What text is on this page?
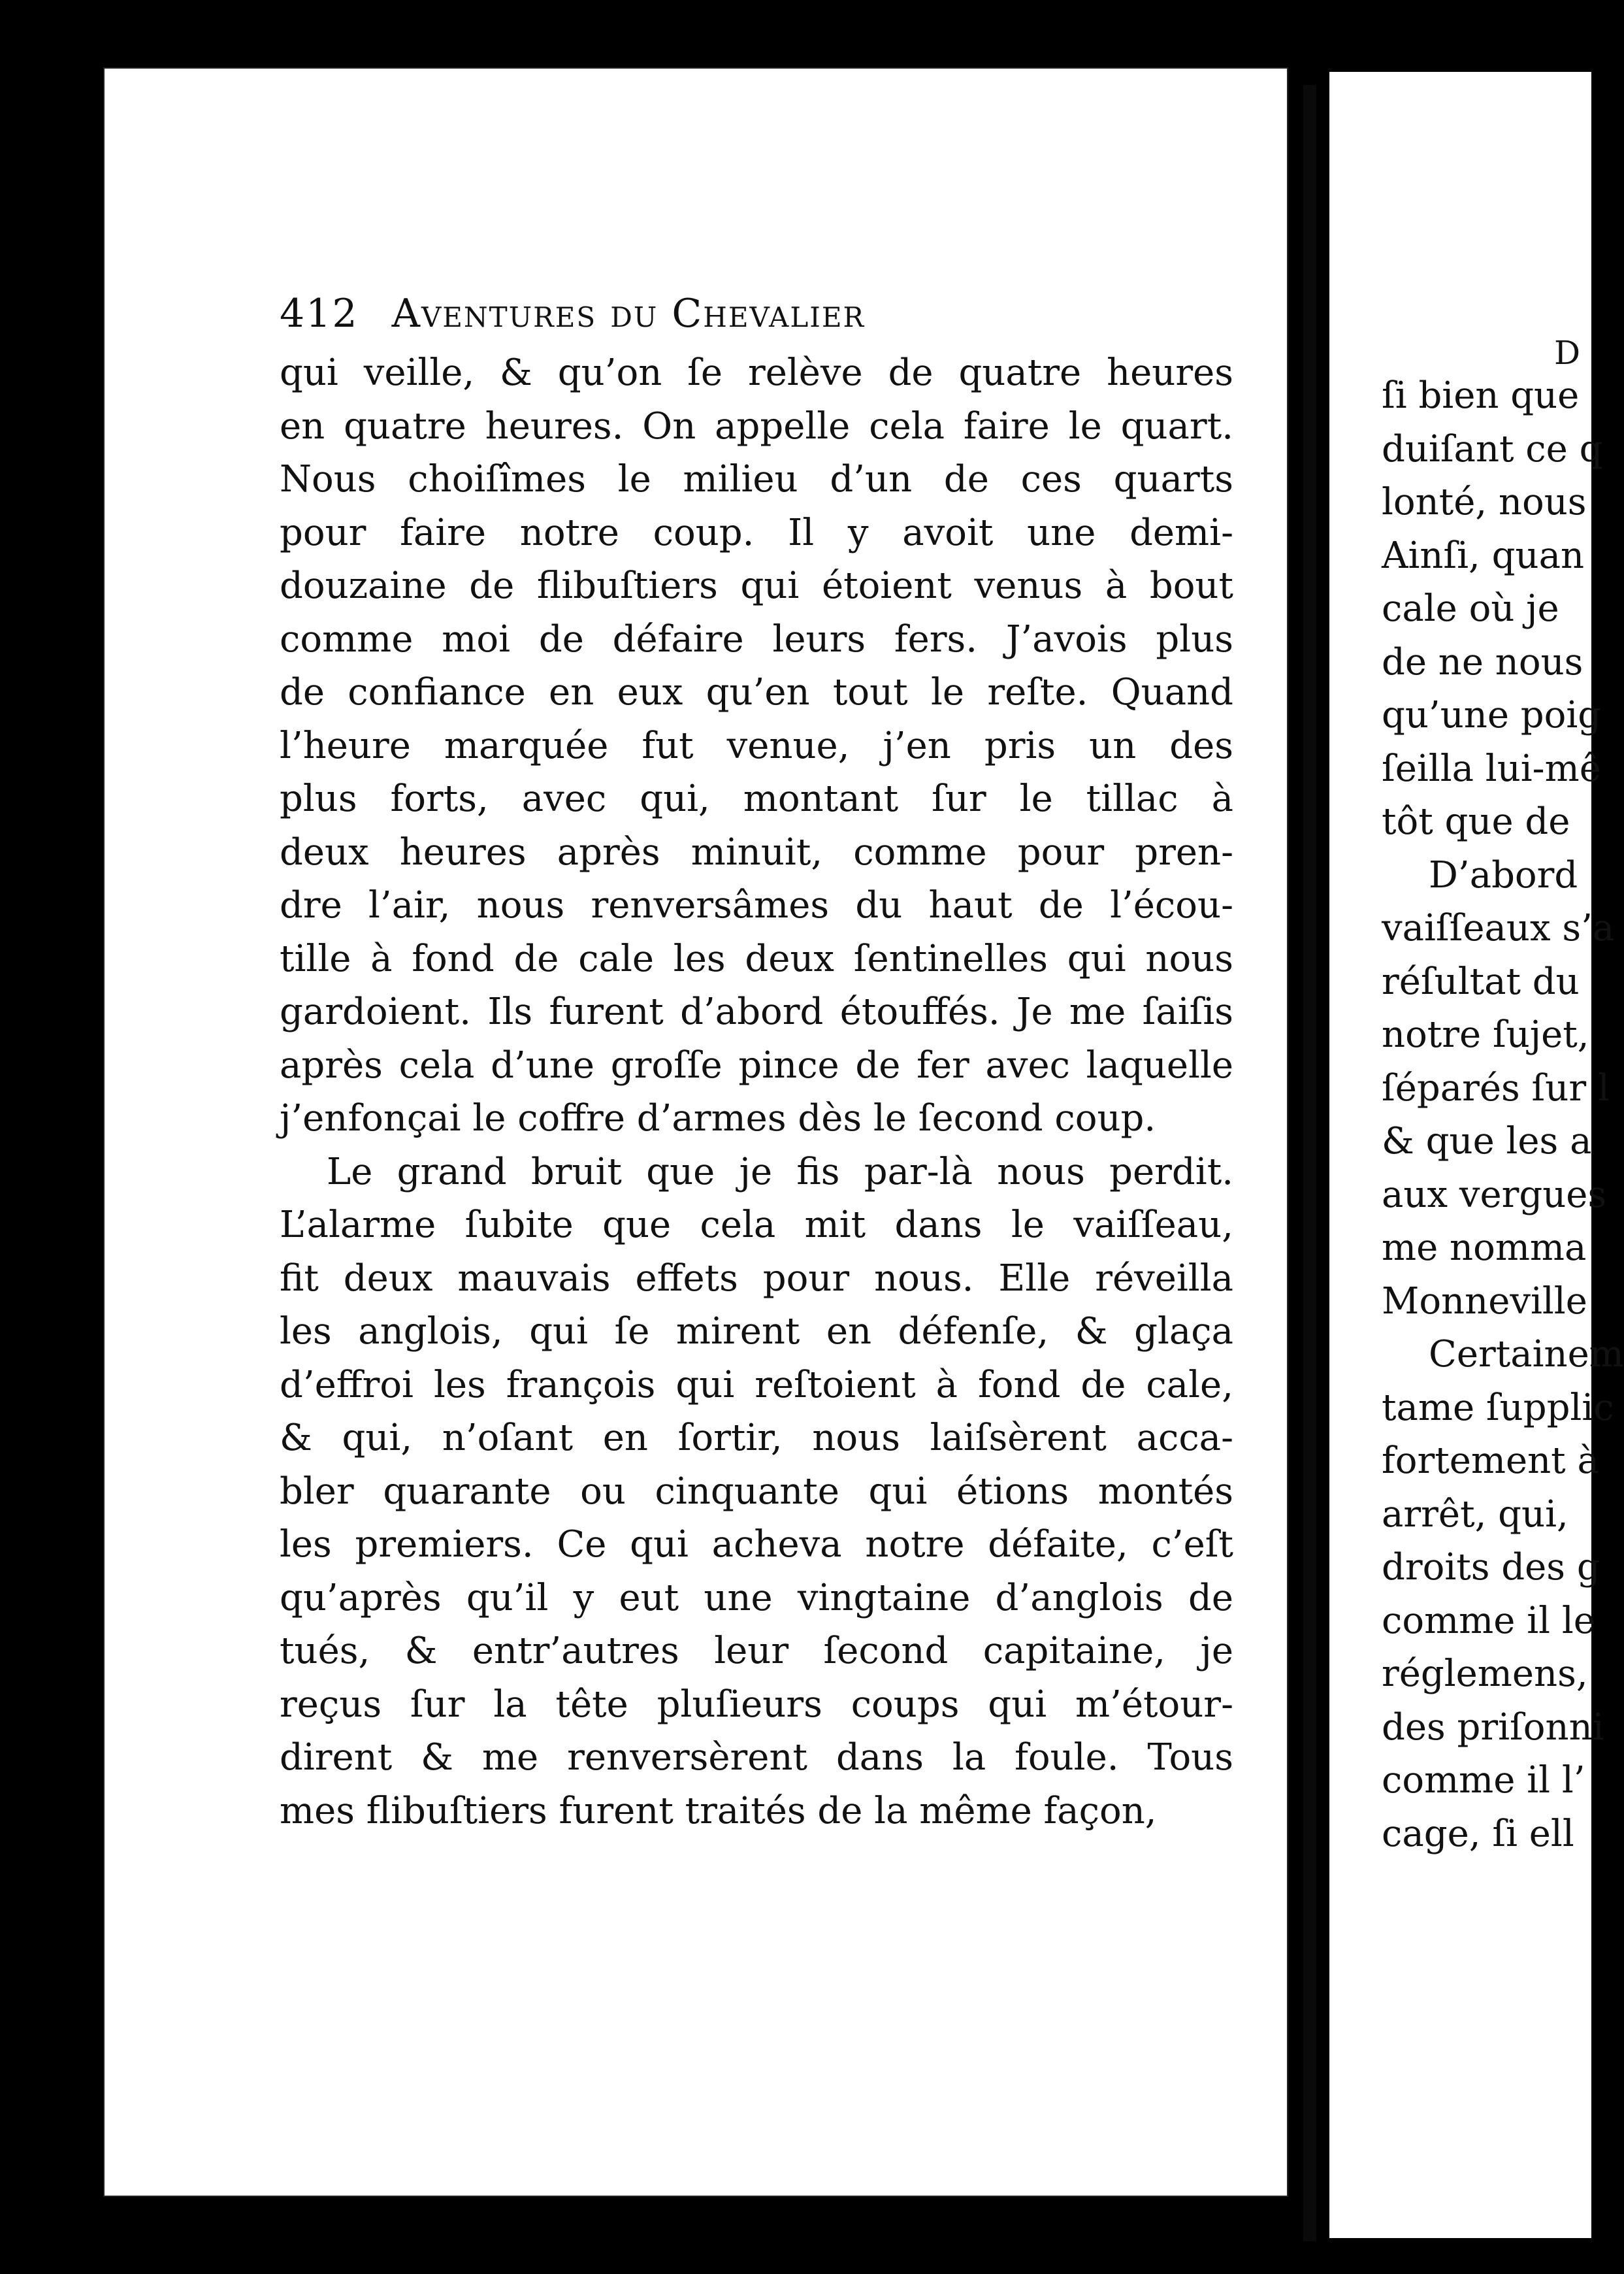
D
ſi bien que
duiſant ce q
lonté, nous
Ainſi, quan
cale où je
de ne nous
qu’une poig
ſeilla lui-mê
tôt que de
D’abord
vaiſſeaux s’a
réſultat du
notre ſujet,
ſéparés ſur l
& que les a
aux vergues
me nomma
Monneville
Certainem
tame ſupplic
fortement à
arrêt, qui,
droits des g
comme il le
réglemens,
des priſonni
comme il l’
cage, ſi ell
412 Aventures du Chevalier
qui veille, & qu’on ſe relève de quatre heures
en quatre heures. On appelle cela faire le quart.
Nous choiſîmes le milieu d’un de ces quarts
pour faire notre coup. Il y avoit une demi-
douzaine de flibuſtiers qui étoient venus à bout
comme moi de défaire leurs fers. J’avois plus
de confiance en eux qu’en tout le reſte. Quand
l’heure marquée fut venue, j’en pris un des
plus forts, avec qui, montant ſur le tillac à
deux heures après minuit, comme pour pren-
dre l’air, nous renversâmes du haut de l’écou-
tille à fond de cale les deux ſentinelles qui nous
gardoient. Ils furent d’abord étouffés. Je me ſaiſis
après cela d’une groſſe pince de fer avec laquelle
j’enfonçai le coffre d’armes dès le ſecond coup.
Le grand bruit que je fis par-là nous perdit.
L’alarme ſubite que cela mit dans le vaiſſeau,
fit deux mauvais effets pour nous. Elle réveilla
les anglois, qui ſe mirent en défenſe, & glaça
d’effroi les françois qui reſtoient à fond de cale,
& qui, n’oſant en ſortir, nous laiſsèrent acca-
bler quarante ou cinquante qui étions montés
les premiers. Ce qui acheva notre défaite, c’eſt
qu’après qu’il y eut une vingtaine d’anglois de
tués, & entr’autres leur ſecond capitaine, je
reçus ſur la tête pluſieurs coups qui m’étour-
dirent & me renversèrent dans la foule. Tous
mes flibuſtiers furent traités de la même façon,
